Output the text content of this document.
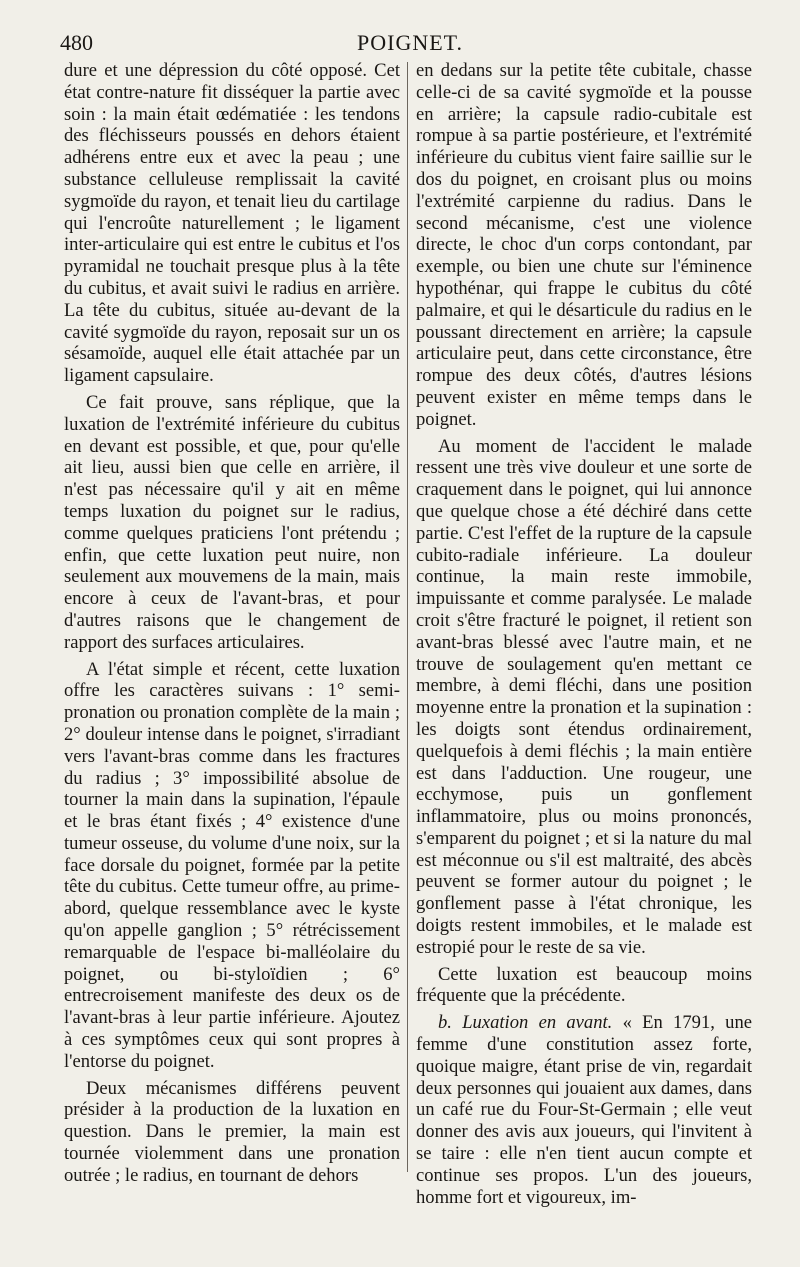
480	POIGNET.

dure et une dépression du côté opposé. Cet état contre-nature fit disséquer la partie avec soin : la main était œdématiée : les tendons des fléchisseurs poussés en dehors étaient adhérens entre eux et avec la peau ; une substance celluleuse remplissait la cavité sygmoïde du rayon, et tenait lieu du cartilage qui l'encroûte naturellement ; le ligament inter-articulaire qui est entre le cubitus et l'os pyramidal ne touchait presque plus à la tête du cubitus, et avait suivi le radius en arrière. La tête du cubitus, située au-devant de la cavité sygmoïde du rayon, reposait sur un os sésamoïde, auquel elle était attachée par un ligament capsulaire.

Ce fait prouve, sans réplique, que la luxation de l'extrémité inférieure du cubitus en devant est possible, et que, pour qu'elle ait lieu, aussi bien que celle en arrière, il n'est pas nécessaire qu'il y ait en même temps luxation du poignet sur le radius, comme quelques praticiens l'ont prétendu ; enfin, que cette luxation peut nuire, non seulement aux mouvemens de la main, mais encore à ceux de l'avant-bras, et pour d'autres raisons que le changement de rapport des surfaces articulaires.

A l'état simple et récent, cette luxation offre les caractères suivans : 1° semi-pronation ou pronation complète de la main ; 2° douleur intense dans le poignet, s'irradiant vers l'avant-bras comme dans les fractures du radius ; 3° impossibilité absolue de tourner la main dans la supination, l'épaule et le bras étant fixés ; 4° existence d'une tumeur osseuse, du volume d'une noix, sur la face dorsale du poignet, formée par la petite tête du cubitus. Cette tumeur offre, au prime-abord, quelque ressemblance avec le kyste qu'on appelle ganglion ; 5° rétrécissement remarquable de l'espace bi-malléolaire du poignet, ou bi-styloïdien ; 6° entrecroisement manifeste des deux os de l'avant-bras à leur partie inférieure. Ajoutez à ces symptômes ceux qui sont propres à l'entorse du poignet.

Deux mécanismes différens peuvent présider à la production de la luxation en question. Dans le premier, la main est tournée violemment dans une pronation outrée ; le radius, en tournant de dehors

en dedans sur la petite tête cubitale, chasse celle-ci de sa cavité sygmoïde et la pousse en arrière; la capsule radio-cubitale est rompue à sa partie postérieure, et l'extrémité inférieure du cubitus vient faire saillie sur le dos du poignet, en croisant plus ou moins l'extrémité carpienne du radius. Dans le second mécanisme, c'est une violence directe, le choc d'un corps contondant, par exemple, ou bien une chute sur l'éminence hypothénar, qui frappe le cubitus du côté palmaire, et qui le désarticule du radius en le poussant directement en arrière; la capsule articulaire peut, dans cette circonstance, être rompue des deux côtés, d'autres lésions peuvent exister en même temps dans le poignet.

Au moment de l'accident le malade ressent une très vive douleur et une sorte de craquement dans le poignet, qui lui annonce que quelque chose a été déchiré dans cette partie. C'est l'effet de la rupture de la capsule cubito-radiale inférieure. La douleur continue, la main reste immobile, impuissante et comme paralysée. Le malade croit s'être fracturé le poignet, il retient son avant-bras blessé avec l'autre main, et ne trouve de soulagement qu'en mettant ce membre, à demi fléchi, dans une position moyenne entre la pronation et la supination : les doigts sont étendus ordinairement, quelquefois à demi fléchis ; la main entière est dans l'adduction. Une rougeur, une ecchymose, puis un gonflement inflammatoire, plus ou moins prononcés, s'emparent du poignet ; et si la nature du mal est méconnue ou s'il est maltraité, des abcès peuvent se former autour du poignet ; le gonflement passe à l'état chronique, les doigts restent immobiles, et le malade est estropié pour le reste de sa vie.

Cette luxation est beaucoup moins fréquente que la précédente.

b. Luxation en avant. « En 1791, une femme d'une constitution assez forte, quoique maigre, étant prise de vin, regardait deux personnes qui jouaient aux dames, dans un café rue du Four-St-Germain ; elle veut donner des avis aux joueurs, qui l'invitent à se taire : elle n'en tient aucun compte et continue ses propos. L'un des joueurs, homme fort et vigoureux, im-
